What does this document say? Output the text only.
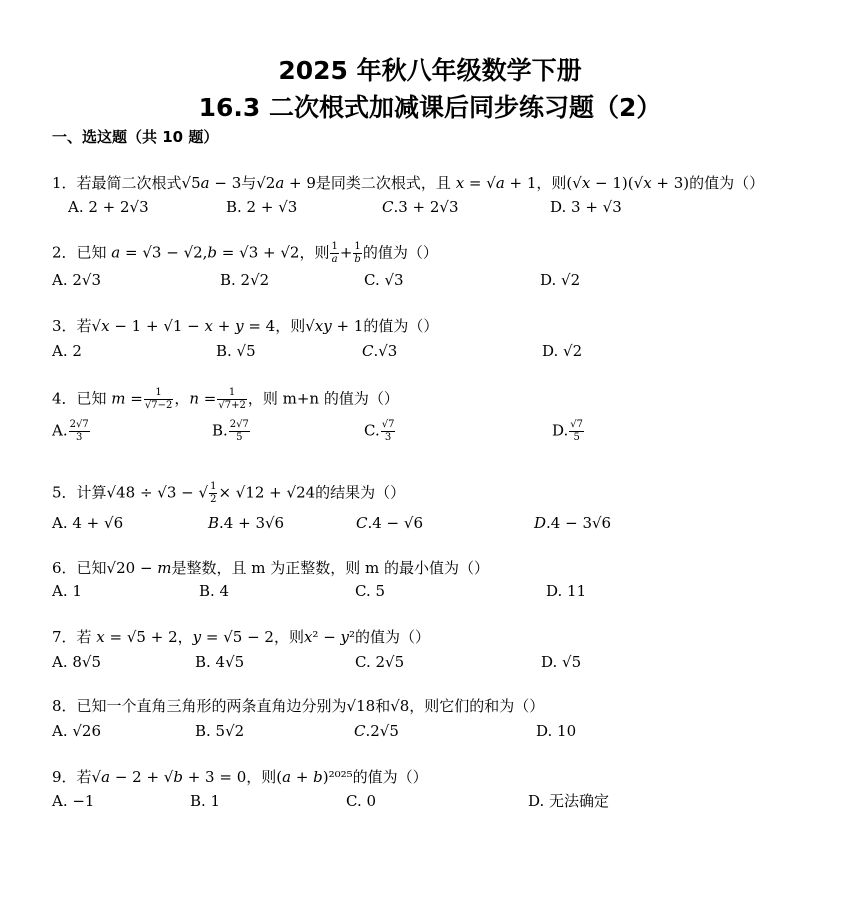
2025 年秋八年级数学下册
16.3 二次根式加减课后同步练习题（2）
一、选这题（共 10 题）
1．若最简二次根式√5𝑎 − 3与√2𝑎 + 9是同类二次根式，且 𝑥 = √𝑎 + 1，则(√𝑥 − 1)(√𝑥 + 3)的值为（）
A. 2 + 2√3	B. 2 + √3	𝐶.3 + 2√3	D. 3 + √3
2．已知 𝑎 = √3 − √2,𝑏 = √3 + √2，则 1
𝑎 + 1
𝑏 的值为（）
A. 2√3	B. 2√2	C. √3	D. √2
3．若√𝑥 − 1 + √1 − 𝑥 + 𝑦 = 4，则√𝑥𝑦 + 1的值为（）
A. 2	B. √5	𝐶.√3	D. √2
4．已知 𝑚 = $\frac{1}{√7-2}$ ，𝑛 = $\frac{1}{√7+2}$ ，则 m+n 的值为（）
A. $\frac{2√7}{3}$	B. $\frac{2√7}{5}$	C. $\frac{√7}{3}$	D. $\frac{√7}{5}$
5．计算√48 ÷ √3 − √ $\frac{1}{2} \times √12 + √24$的结果为（）
A. 4 + √6	𝐵.4 + 3√6	𝐶.4 − √6	𝐷.4 − 3√6
6．已知√20 − 𝑚是整数，且 m 为正整数，则 m 的最小值为（）
A. 1	B. 4	C. 5	D. 11
7．若 𝑥 = √5 + 2，𝑦 = √5 − 2，则𝑥² − 𝑦²的值为（）
A. 8√5	B. 4√5	C. 2√5	D. √5
8．已知一个直角三角形的两条直角边分别为√18和√8，则它们的和为（）
A. √26	B. 5√2	𝐶.2√5	D. 10
9．若√𝑎 − 2 + √𝑏 + 3 = 0，则(𝑎 + 𝑏)²⁰²⁵的值为（）
A. −1	B. 1	C. 0	D. 无法确定
